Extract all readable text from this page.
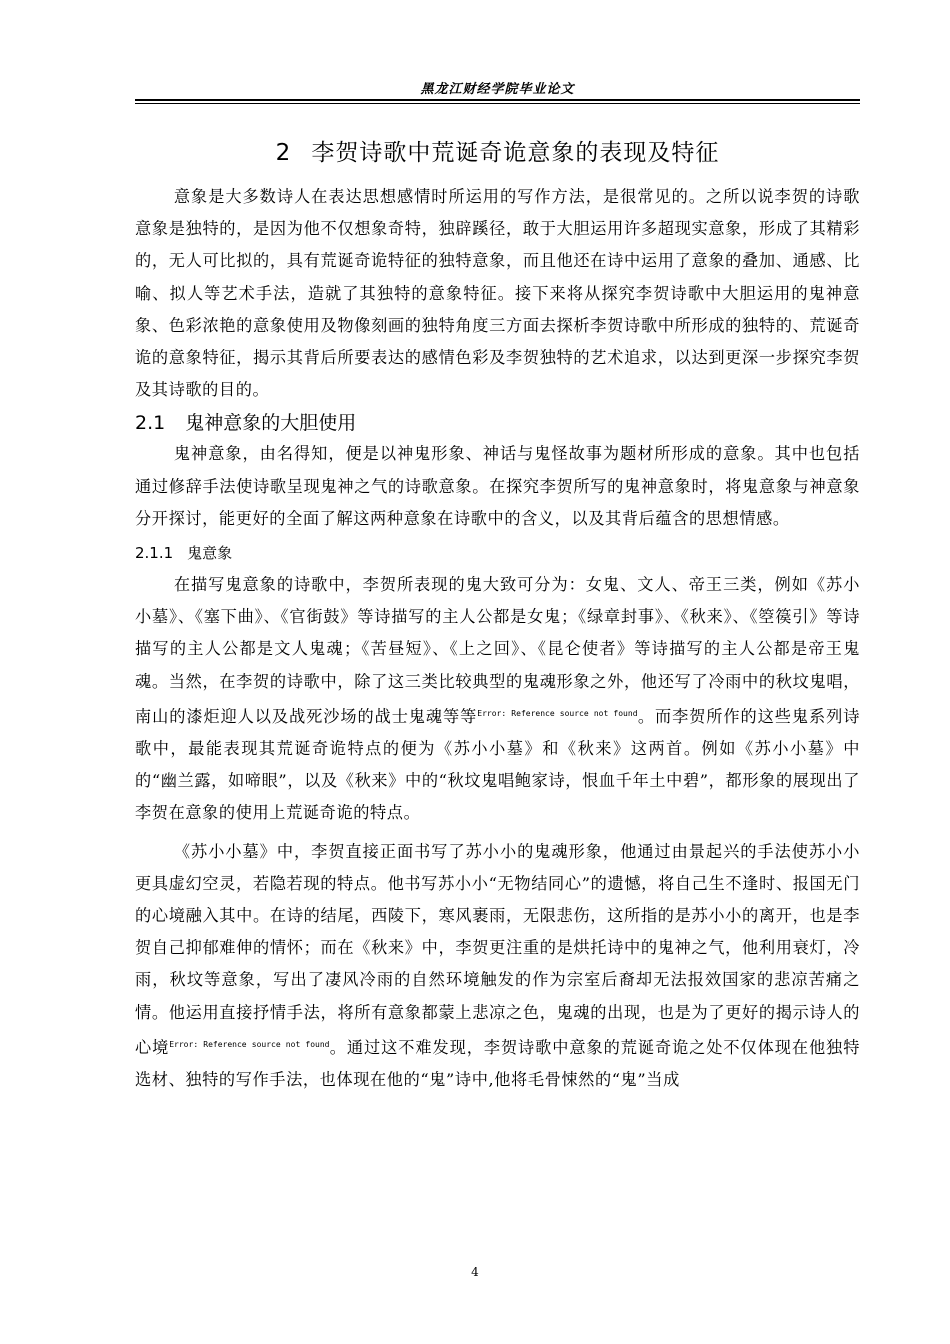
黑龙江财经学院毕业论文
2 李贺诗歌中荒诞奇诡意象的表现及特征

意象是大多数诗人在表达思想感情时所运用的写作方法，是很常见的。之所以说李贺的诗歌意象是独特的，是因为他不仅想象奇特，独辟蹊径，敢于大胆运用许多超现实意象，形成了其精彩的，无人可比拟的，具有荒诞奇诡特征的独特意象，而且他还在诗中运用了意象的叠加、通感、比喻、拟人等艺术手法，造就了其独特的意象特征。接下来将从探究李贺诗歌中大胆运用的鬼神意象、色彩浓艳的意象使用及物像刻画的独特角度三方面去探析李贺诗歌中所形成的独特的、荒诞奇诡的意象特征，揭示其背后所要表达的感情色彩及李贺独特的艺术追求，以达到更深一步探究李贺及其诗歌的目的。

2.1 鬼神意象的大胆使用

鬼神意象，由名得知，便是以神鬼形象、神话与鬼怪故事为题材所形成的意象。其中也包括通过修辞手法使诗歌呈现鬼神之气的诗歌意象。在探究李贺所写的鬼神意象时，将鬼意象与神意象分开探讨，能更好的全面了解这两种意象在诗歌中的含义，以及其背后蕴含的思想情感。

2.1.1 鬼意象

在描写鬼意象的诗歌中，李贺所表现的鬼大致可分为：女鬼、文人、帝王三类，例如《苏小小墓》、《塞下曲》、《官街鼓》等诗描写的主人公都是女鬼；《绿章封事》、《秋来》、《箜篌引》等诗描写的主人公都是文人鬼魂；《苦昼短》、《上之回》、《昆仑使者》等诗描写的主人公都是帝王鬼魂。当然，在李贺的诗歌中，除了这三类比较典型的鬼魂形象之外，他还写了冷雨中的秋坟鬼唱，南山的漆炬迎人以及战死沙场的战士鬼魂等等$^{Error: Reference source not found}$。而李贺所作的这些鬼系列诗歌中，最能表现其荒诞奇诡特点的便为《苏小小墓》和《秋来》这两首。例如《苏小小墓》中的“幽兰露，如啼眼”，以及《秋来》中的“秋坟鬼唱鲍家诗，恨血千年土中碧”，都形象的展现出了李贺在意象的使用上荒诞奇诡的特点。

《苏小小墓》中，李贺直接正面书写了苏小小的鬼魂形象，他通过由景起兴的手法使苏小小更具虚幻空灵，若隐若现的特点。他书写苏小小“无物结同心”的遗憾，将自己生不逢时、报国无门的心境融入其中。在诗的结尾，西陵下，寒风裹雨，无限悲伤，这所指的是苏小小的离开，也是李贺自己抑郁难伸的情怀；而在《秋来》中，李贺更注重的是烘托诗中的鬼神之气，他利用衰灯，冷雨，秋坟等意象，写出了凄风冷雨的自然环境触发的作为宗室后裔却无法报效国家的悲凉苦痛之情。他运用直接抒情手法，将所有意象都蒙上悲凉之色，鬼魂的出现，也是为了更好的揭示诗人的心境$^{Error: Reference source not found}$。通过这不难发现，李贺诗歌中意象的荒诞奇诡之处不仅体现在他独特选材、独特的写作手法，也体现在他的“鬼”诗中,他将毛骨悚然的“鬼”当成

4
